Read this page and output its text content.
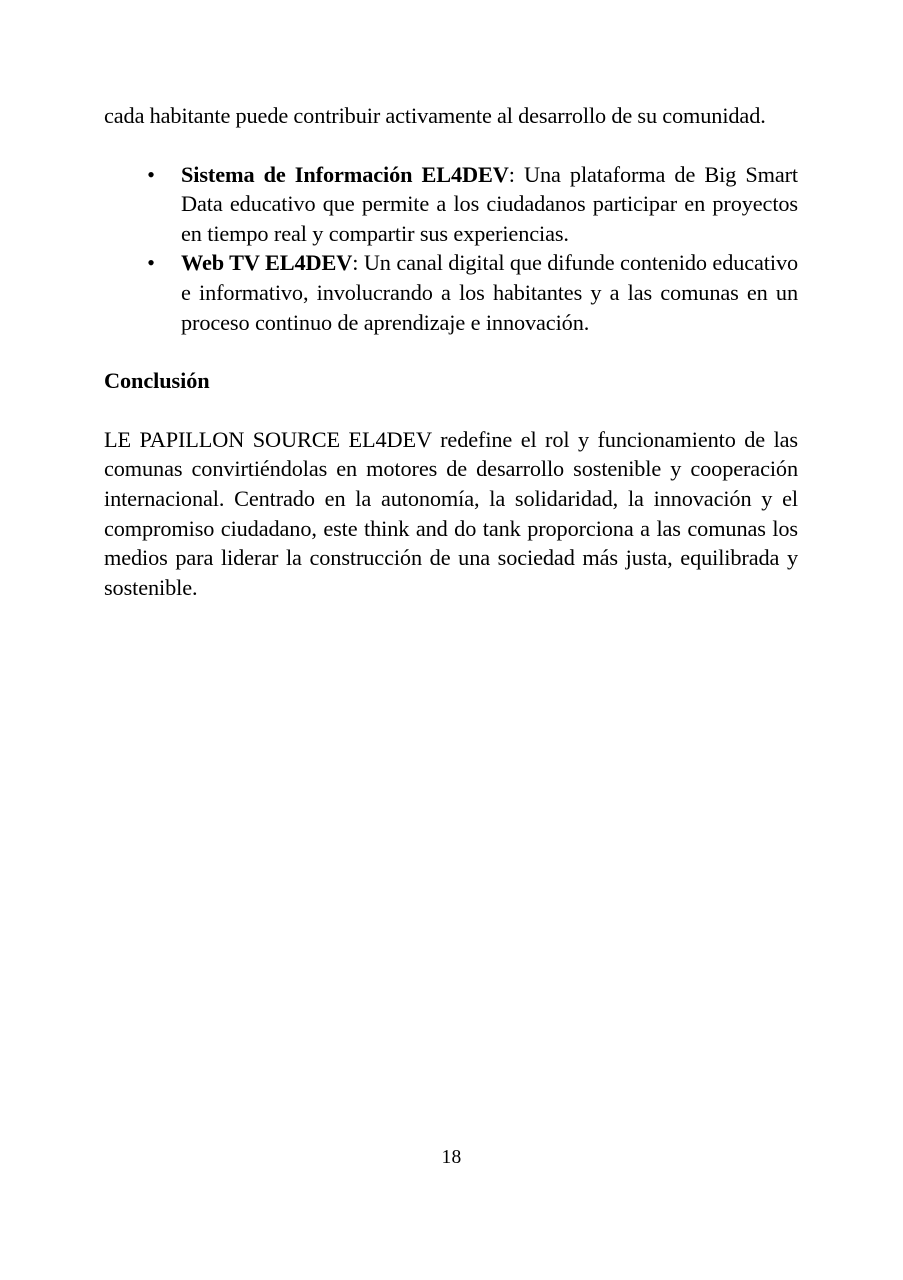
cada habitante puede contribuir activamente al desarrollo de su comunidad.

• Sistema de Información EL4DEV: Una plataforma de Big Smart Data educativo que permite a los ciudadanos participar en proyectos en tiempo real y compartir sus experiencias.
• Web TV EL4DEV: Un canal digital que difunde contenido educativo e informativo, involucrando a los habitantes y a las comunas en un proceso continuo de aprendizaje e innovación.
Conclusión

LE PAPILLON SOURCE EL4DEV redefine el rol y funcionamiento de las comunas convirtiéndolas en motores de desarrollo sostenible y cooperación internacional. Centrado en la autonomía, la solidaridad, la innovación y el compromiso ciudadano, este think and do tank proporciona a las comunas los medios para liderar la construcción de una sociedad más justa, equilibrada y sostenible.

18
